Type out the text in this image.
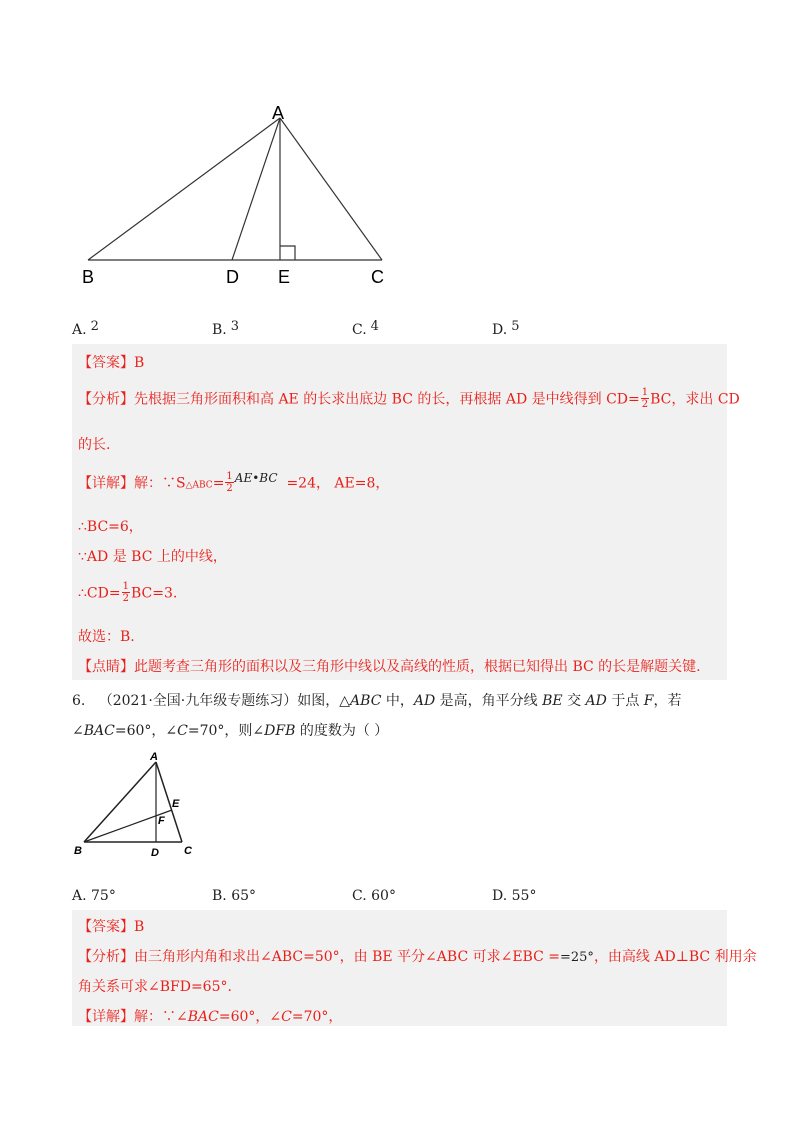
A
B	D E	C
A. 2	B. 3	C. 4	D. 5
【答案】B
【分析】先根据三角形面积和高 AE 的长求出底边 BC 的长，再根据 AD 是中线得到 $CD= \frac{1}{2}$ BC，求出 CD
的长.
【详解】解：∵S△ABC= $\frac{1}{2}$ AE•BC =24， AE=8，
∴BC=6，
∵AD 是 BC 上的中线，
∴CD= $\frac{1}{2} BC=3$.
故选：B.
【点睛】此题考查三角形的面积以及三角形中线以及高线的性质，根据已知得出 BC 的长是解题关键.
6. （2021·全国·九年级专题练习）如图，△ABC 中，AD 是高，角平分线 BE 交 AD 于点 F，若
∠BAC=60°，∠C=70°，则∠DFB 的度数为（ ）
A
B	D C
E
F
A. 75°	B. 65°	C. 60°	D. 55°
【答案】B
【分析】由三角形内角和求出∠ABC=50°，由 BE 平分∠ABC 可求∠EBC ==25°，由高线 AD⊥BC 利用余
角关系可求∠BFD=65°.
【详解】解：∵∠BAC=60°，∠C=70°，
